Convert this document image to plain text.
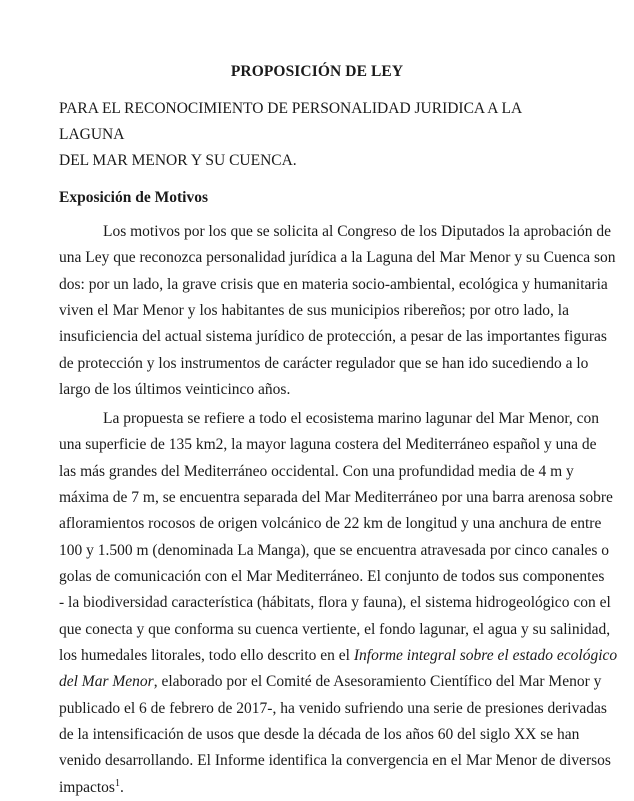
PROPOSICIÓN DE LEY
PARA EL RECONOCIMIENTO DE PERSONALIDAD JURIDICA A LA LAGUNA
DEL MAR MENOR Y SU CUENCA.
Exposición de Motivos
Los motivos por los que se solicita al Congreso de los Diputados la aprobación de
una Ley que reconozca personalidad jurídica a la Laguna del Mar Menor y su Cuenca son
dos: por un lado, la grave crisis que en materia socio-ambiental, ecológica y humanitaria
viven el Mar Menor y los habitantes de sus municipios ribereños; por otro lado, la
insuficiencia del actual sistema jurídico de protección, a pesar de las importantes figuras
de protección y los instrumentos de carácter regulador que se han ido sucediendo a lo
largo de los últimos veinticinco años.
La propuesta se refiere a todo el ecosistema marino lagunar del Mar Menor, con
una superficie de 135 km2, la mayor laguna costera del Mediterráneo español y una de
las más grandes del Mediterráneo occidental. Con una profundidad media de 4 m y
máxima de 7 m, se encuentra separada del Mar Mediterráneo por una barra arenosa sobre
afloramientos rocosos de origen volcánico de 22 km de longitud y una anchura de entre
100 y 1.500 m (denominada La Manga), que se encuentra atravesada por cinco canales o
golas de comunicación con el Mar Mediterráneo. El conjunto de todos sus componentes
- la biodiversidad característica (hábitats, flora y fauna), el sistema hidrogeológico con el
que conecta y que conforma su cuenca vertiente, el fondo lagunar, el agua y su salinidad,
los humedales litorales, todo ello descrito en el Informe integral sobre el estado ecológico
del Mar Menor, elaborado por el Comité de Asesoramiento Científico del Mar Menor y
publicado el 6 de febrero de 2017-, ha venido sufriendo una serie de presiones derivadas
de la intensificación de usos que desde la década de los años 60 del siglo XX se han
venido desarrollando. El Informe identifica la convergencia en el Mar Menor de diversos
impactos$^1$.
